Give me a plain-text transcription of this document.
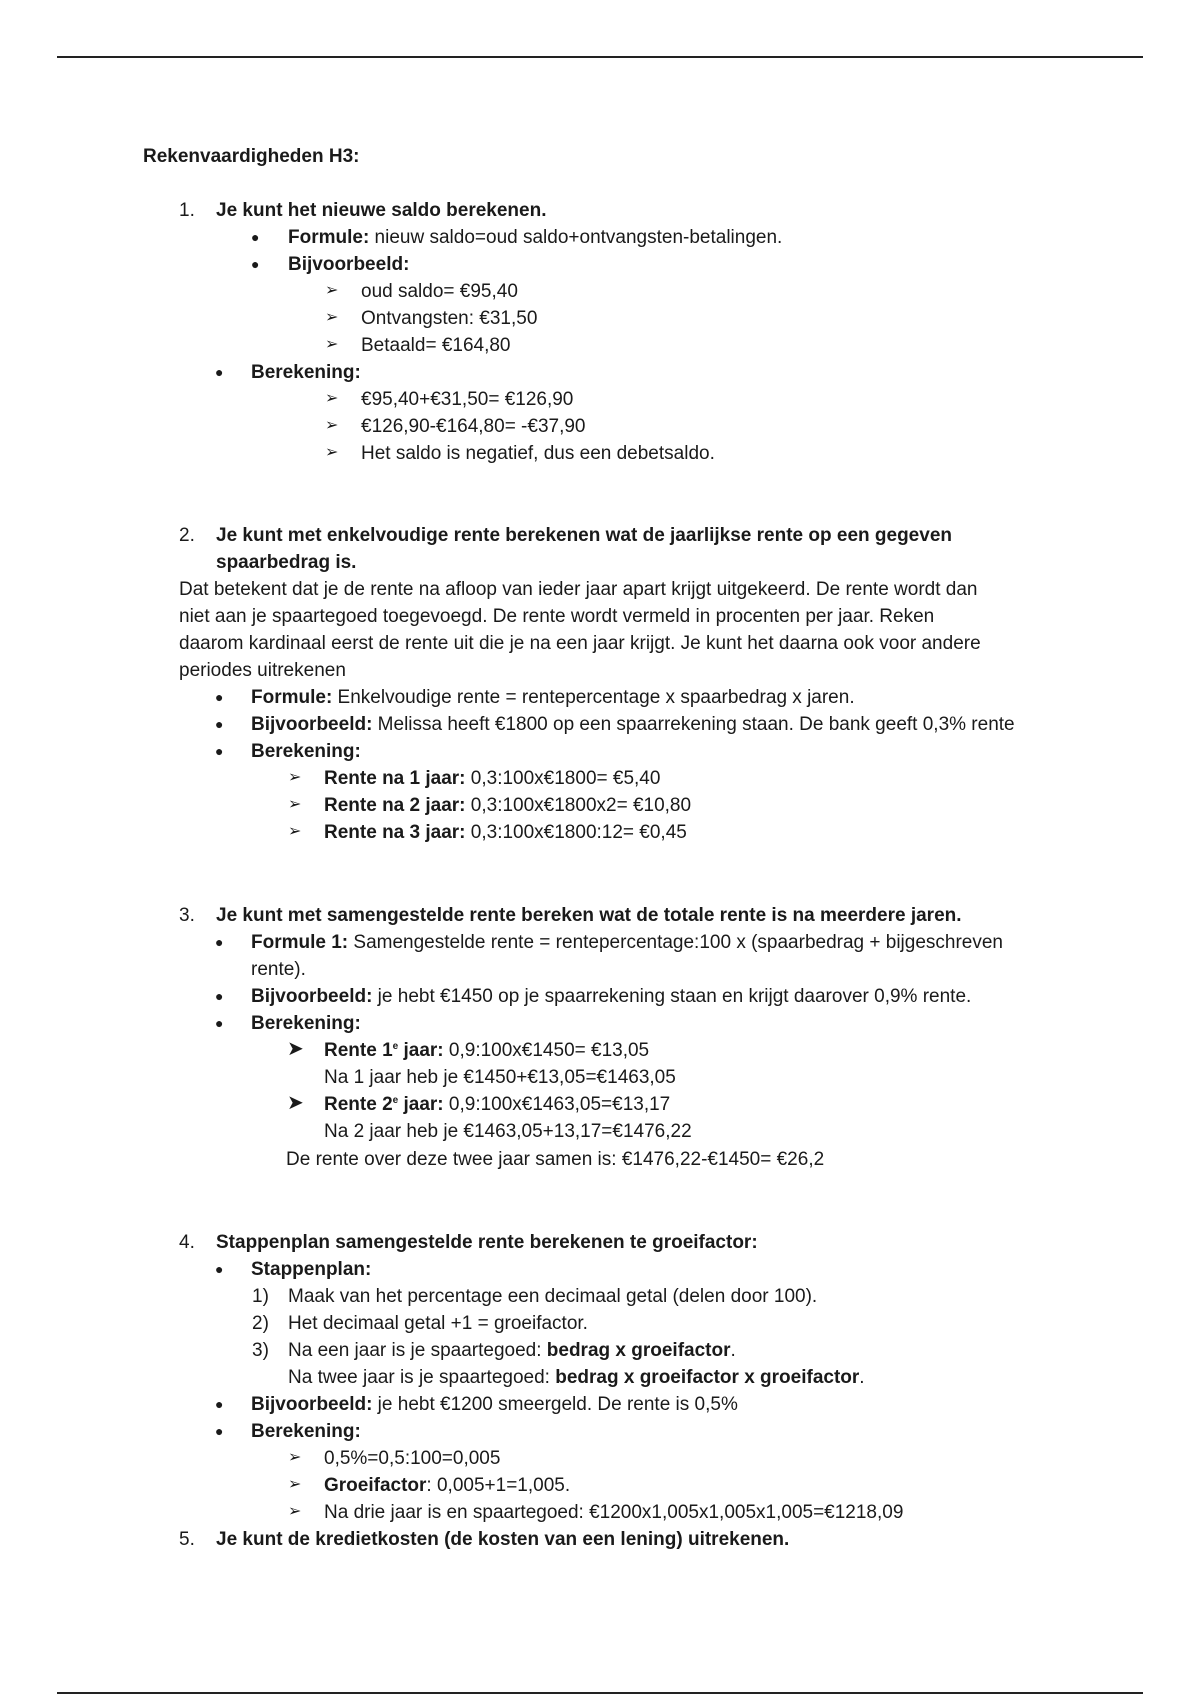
Rekenvaardigheden H3:
1. Je kunt het nieuwe saldo berekenen.
● Formule: nieuw saldo=oud saldo+ontvangsten-betalingen.
● Bijvoorbeeld:
➢ oud saldo= €95,40
➢ Ontvangsten: €31,50
➢ Betaald= €164,80
● Berekening:
➢ €95,40+€31,50= €126,90
➢ €126,90-€164,80= -€37,90
➢ Het saldo is negatief, dus een debetsaldo.
2. Je kunt met enkelvoudige rente berekenen wat de jaarlijkse rente op een gegeven
spaarbedrag is.
Dat betekent dat je de rente na afloop van ieder jaar apart krijgt uitgekeerd. De rente wordt dan
niet aan je spaartegoed toegevoegd. De rente wordt vermeld in procenten per jaar. Reken
daarom kardinaal eerst de rente uit die je na een jaar krijgt. Je kunt het daarna ook voor andere
periodes uitrekenen
● Formule: Enkelvoudige rente = rentepercentage x spaarbedrag x jaren.
● Bijvoorbeeld: Melissa heeft €1800 op een spaarrekening staan. De bank geeft 0,3% rente
● Berekening:
➢ Rente na 1 jaar: 0,3:100x€1800= €5,40
➢ Rente na 2 jaar: 0,3:100x€1800x2= €10,80
➢ Rente na 3 jaar: 0,3:100x€1800:12= €0,45
3. Je kunt met samengestelde rente bereken wat de totale rente is na meerdere jaren.
● Formule 1: Samengestelde rente = rentepercentage:100 x (spaarbedrag + bijgeschreven
rente).
● Bijvoorbeeld: je hebt €1450 op je spaarrekening staan en krijgt daarover 0,9% rente.
● Berekening:
➤ Rente 1e jaar: 0,9:100x€1450= €13,05
Na 1 jaar heb je €1450+€13,05=€1463,05
➤ Rente 2e jaar: 0,9:100x€1463,05=€13,17
Na 2 jaar heb je €1463,05+13,17=€1476,22
De rente over deze twee jaar samen is: €1476,22-€1450= €26,2
4. Stappenplan samengestelde rente berekenen te groeifactor:
● Stappenplan:
1) Maak van het percentage een decimaal getal (delen door 100).
2) Het decimaal getal +1 = groeifactor.
3) Na een jaar is je spaartegoed: bedrag x groeifactor.
Na twee jaar is je spaartegoed: bedrag x groeifactor x groeifactor.
● Bijvoorbeeld: je hebt €1200 smeergeld. De rente is 0,5%
● Berekening:
➢ 0,5%=0,5:100=0,005
➢ Groeifactor: 0,005+1=1,005.
➢ Na drie jaar is en spaartegoed: €1200x1,005x1,005x1,005=€1218,09
5. Je kunt de kredietkosten (de kosten van een lening) uitrekenen.
